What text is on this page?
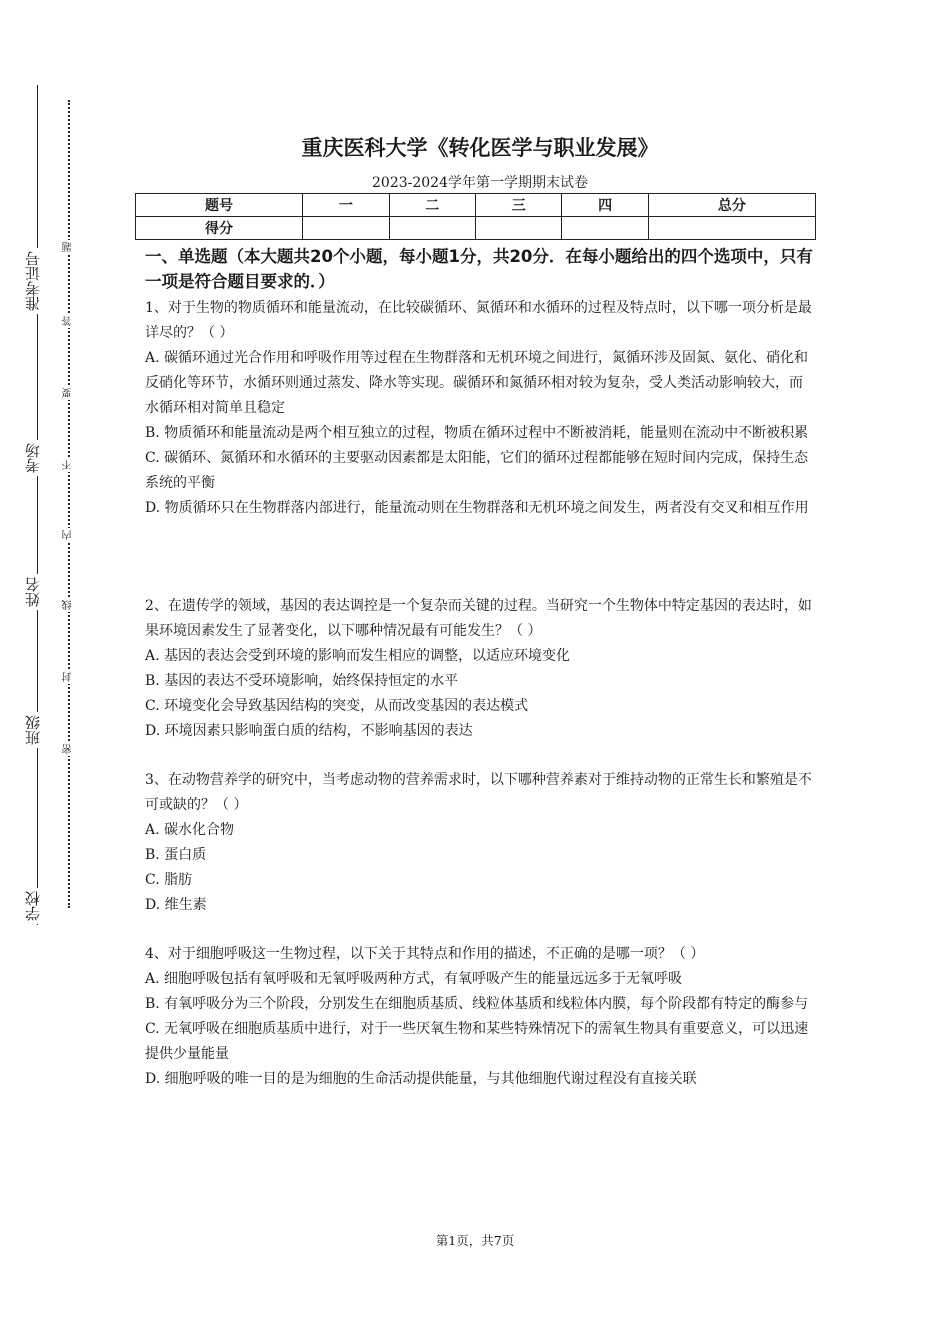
准考证号
考场
姓名
班级
学校
题
答
要
不
内
线
封
密
重庆医科大学《转化医学与职业发展》
2023-2024学年第一学期期末试卷
题号	一	二	三	四	总分
得分					
一、单选题（本大题共20个小题，每小题1分，共20分．在每小题给出的四个选项中，只有一项是符合题目要求的．）

1、对于生物的物质循环和能量流动，在比较碳循环、氮循环和水循环的过程及特点时，以下哪一项分析是最详尽的？（ ）

A. 碳循环通过光合作用和呼吸作用等过程在生物群落和无机环境之间进行，氮循环涉及固氮、氨化、硝化和反硝化等环节，水循环则通过蒸发、降水等实现。碳循环和氮循环相对较为复杂，受人类活动影响较大，而水循环相对简单且稳定

B. 物质循环和能量流动是两个相互独立的过程，物质在循环过程中不断被消耗，能量则在流动中不断被积累

C. 碳循环、氮循环和水循环的主要驱动因素都是太阳能，它们的循环过程都能够在短时间内完成，保持生态系统的平衡

D. 物质循环只在生物群落内部进行，能量流动则在生物群落和无机环境之间发生，两者没有交叉和相互作用

2、在遗传学的领域，基因的表达调控是一个复杂而关键的过程。当研究一个生物体中特定基因的表达时，如果环境因素发生了显著变化，以下哪种情况最有可能发生？（ ）

A. 基因的表达会受到环境的影响而发生相应的调整，以适应环境变化

B. 基因的表达不受环境影响，始终保持恒定的水平

C. 环境变化会导致基因结构的突变，从而改变基因的表达模式

D. 环境因素只影响蛋白质的结构，不影响基因的表达

3、在动物营养学的研究中，当考虑动物的营养需求时，以下哪种营养素对于维持动物的正常生长和繁殖是不可或缺的？（ ）

A. 碳水化合物

B. 蛋白质

C. 脂肪

D. 维生素

4、对于细胞呼吸这一生物过程，以下关于其特点和作用的描述，不正确的是哪一项？（ ）

A. 细胞呼吸包括有氧呼吸和无氧呼吸两种方式，有氧呼吸产生的能量远远多于无氧呼吸

B. 有氧呼吸分为三个阶段，分别发生在细胞质基质、线粒体基质和线粒体内膜，每个阶段都有特定的酶参与

C. 无氧呼吸在细胞质基质中进行，对于一些厌氧生物和某些特殊情况下的需氧生物具有重要意义，可以迅速提供少量能量

D. 细胞呼吸的唯一目的是为细胞的生命活动提供能量，与其他细胞代谢过程没有直接关联

第1页，共7页
